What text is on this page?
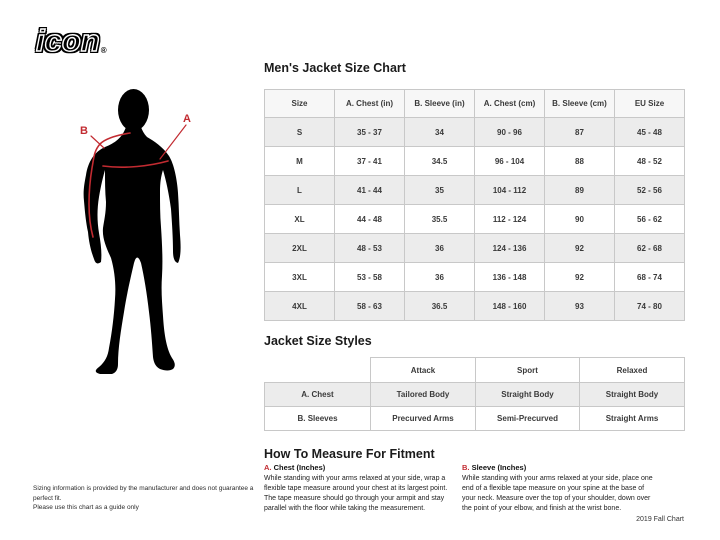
icon®
A
B
Men's Jacket Size Chart
Size	A. Chest (in)	B. Sleeve (in)	A. Chest (cm)	B. Sleeve (cm)	EU Size
S	35 - 37	34	90 - 96	87	45 - 48
M	37 - 41	34.5	96 - 104	88	48 - 52
L	41 - 44	35	104 - 112	89	52 - 56
XL	44 - 48	35.5	112 - 124	90	56 - 62
2XL	48 - 53	36	124 - 136	92	62 - 68
3XL	53 - 58	36	136 - 148	92	68 - 74
4XL	58 - 63	36.5	148 - 160	93	74 - 80
Jacket Size Styles
	Attack	Sport	Relaxed
A. Chest	Tailored Body	Straight Body	Straight Body
B. Sleeves	Precurved Arms	Semi-Precurved	Straight Arms
How To Measure For Fitment
A. Chest (Inches)
While standing with your arms relaxed at your side, wrap a flexible tape measure around your chest at its largest point. The tape measure should go through your armpit and stay parallel with the floor while taking the measurement.
B. Sleeve (Inches)
While standing with your arms relaxed at your side, place one end of a flexible tape measure on your spine at the base of your neck. Measure over the top of your shoulder, down over the point of your elbow, and finish at the wrist bone.
Sizing information is provided by the manufacturer and does not guarantee a perfect fit.
Please use this chart as a guide only
2019 Fall Chart
